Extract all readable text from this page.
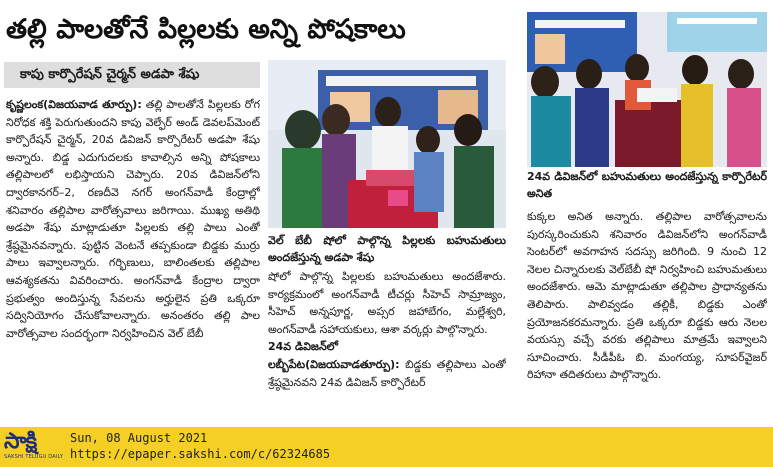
తల్లి పాలతోనే పిల్లలకు అన్ని పోషకాలు
కాపు కార్పొరేషన్ చైర్మన్ అడపా శేషు

కృష్ణలంక(విజయవాడ తూర్పు): తల్లి పాలతోనే పిల్లలకు రోగ నిరోధక శక్తి పెరుగుతుందని కాపు వెల్ఫేర్ అండ్ డెవలప్‌మెంట్ కార్పొరేషన్ చైర్మన్, 20వ డివిజన్ కార్పొరేటర్ అడపా శేషు అన్నారు. బిడ్డ ఎదుగుదలకు కావాల్సిన అన్ని పోషకాలు తల్లిపాలలో లభిస్తాయని చెప్పారు. 20వ డివిజన్‌లోని ద్వారకానగర్–2, రణదీవె నగర్ అంగన్‌వాడీ కేంద్రాల్లో శనివారం తల్లిపాల వారోత్సవాలు జరిగాయి. ముఖ్య అతిథి అడపా శేషు మాట్లాడుతూ పిల్లలకు తల్లి పాలు ఎంతో శ్రేష్ఠమైనవన్నారు. పుట్టిన వెంటనే తప్పకుండా బిడ్డకు ముర్రు పాలు ఇవ్వాలన్నారు. గర్భిణులు, బాలింతలకు తల్లిపాల ఆవశ్యకతను వివరించారు. అంగన్‌వాడీ కేంద్రాల ద్వారా ప్రభుత్వం అందిస్తున్న సేవలను అర్హులైన ప్రతి ఒక్కరూ సద్వినియోగం చేసుకోవాలన్నారు. అనంతరం తల్లి పాల వారోత్సవాల సందర్భంగా నిర్వహించిన వెల్ బేబీ

వెల్ బేబీ షోలో పాల్గొన్న పిల్లలకు బహుమతులు అందజేస్తున్న అడపా శేషు

షోలో పాల్గొన్న పిల్లలకు బహుమతులు అందజేశారు. కార్యక్రమంలో అంగన్‌వాడీ టీచర్లు సీహెచ్ సామ్రాజ్యం, సీహెచ్ అన్నపూర్ణ, అప్సర జహాబేగం, మల్లేశ్వరి, అంగన్‌వాడీ సహాయకులు, ఆశా వర్కర్లు పాల్గొన్నారు.

24వ డివిజన్‌లో

లబ్బీపేట(విజయవాడతూర్పు): బిడ్డకు తల్లిపాలు ఎంతో శ్రేష్ఠమైనవని 24వ డివిజన్ కార్పొరేటర్

24వ డివిజన్‌లో బహుమతులు అందజేస్తున్న కార్పొరేటర్ అనిత

కుక్కల అనిత అన్నారు. తల్లిపాల వారోత్సవాలను పురస్కరించుకుని శనివారం డివిజన్‌లోని అంగన్‌వాడీ సెంటర్‌లో అవగాహన సదస్సు జరిగింది. 9 నుంచి 12 నెలల చిన్నారులకు వెల్‌బేబీ షో నిర్వహించి బహుమతులు అందజేశారు. ఆమె మాట్లాడుతూ తల్లిపాల ప్రాధాన్యతను తెలిపారు. పాలివ్వడం తల్లికీ, బిడ్డకు ఎంతో ప్రయోజనకరమన్నారు. ప్రతి ఒక్కరూ బిడ్డకు ఆరు నెలల వయస్సు వచ్చే వరకు తల్లిపాలు మాత్రమే ఇవ్వాలని సూచించారు. సీడీపీఓ బి. మంగయ్య, సూపర్‌వైజర్ రిహానా తదితరులు పాల్గొన్నారు.

సాక్షి
SAKSHI TELUGU DAILY
Sun, 08 August 2021
https://epaper.sakshi.com/c/62324685
